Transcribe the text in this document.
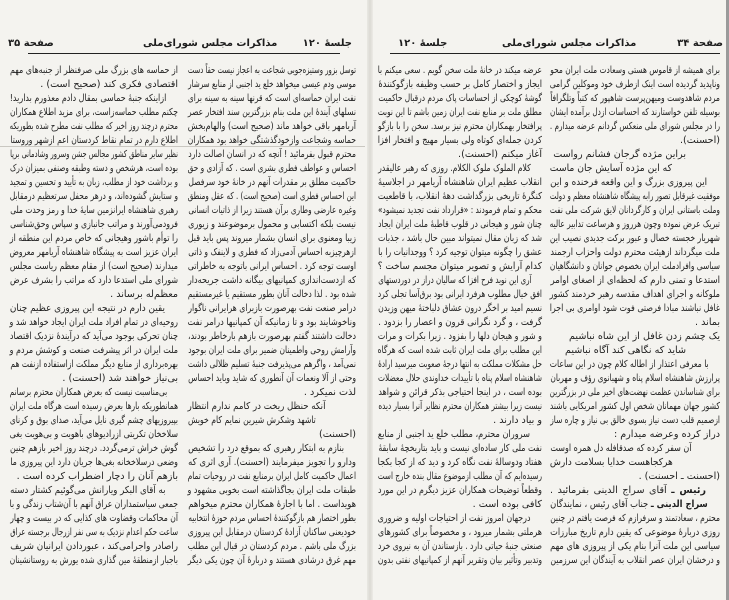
صفحة ۳۵	مذاکرات مجلس شورای‌ملی	جلسهٔ ۱۲۰
توسل بزور وستیزه‌جویی شجاعت به اعجاز نیست حقاً دست
موسی ودم عیسی میخواهد خلع ید اجنبی از منابع سرشار
نفت ایران حماسه‌ای است که قرنها سینه به سینه برای
نسلهای آیندهٔ این ملت بنام بزرگترین سند افتخار عصر
آریامهر باقی خواهد ماند (صحیح است) والهام‌بخش
حماسه وشجاعت وازخودگذشتگی خواهد بود همکاران
محترم قبول بفرمائید ! آنچه که در انسان اصالت دارد
احساس و عواطف فطری بشری است . که آزادی و حق
حاکمیت مطلق بر مقدرات آنهم در خانهٔ خود سرفصل
این احساس فطری است (صحیح است) . که عقل ومنطق
وغیره عارضی وطاری برآن هستند زیرا از ذاتیات انسانی
نیست بلکه اکتسابی و محمول برموضوعند و زیوری
زیبا ومعنوی برای انسان بشمار میروند پس باید قبل
ازهرچیزبه احساس آدمی‌زاد که فطری و لاینفک و ذاتی
اوست توجه کرد . احساس ایرانی باتوجه به خاطراتی
که ازدست‌اندازی کمپانیهای بیگانه داشت جریحه‌دار
شده بود . لذا دخالت آنان بطور مستقیم یا غیرمستقیم
درامر صنعت نفت بهرصورت بازبرای هرایرانی ناگوار
وناخوشایند بود و تا زمانیکه آن کمپانیها درامر نفت
دخالت داشتند گفتم بهرصورت بازهم بارخاطر بودند،
وآرامش روحی واطمینان ضمیر برای ملت ایران بوجود
نمی‌آمد ، واگرهم می‌پذیرفت جنبهٔ تسلیم ظلالی داشت
وحتی از آلا ونعمات آن آنطوری که شاید وباید احساس
لذت نمیکرد .
آنکه حنظل ریخت در کامم ندارم انتظار
تاشهد وشکرش شیرین نمایم کام خویش
(احسنت)
بنازم به ابتکار رهبری که بموقع درد را تشخیص
ودارو را تجویز میفرمایند (احسنت). آری اثری که
اعمال حاکمیت کامل ایران برمنابع نفت در روحیات تمام
طبقات ملت ایران بجاگذاشته است بخوبی مشهود و
هویداست . اما با اجازهٔ همکاران محترم میخواهم
بطور اختصار هم بازگوکنندهٔ احساس مردم حوزهٔ انتخابیه
خودیعنی ساکنان آزادهٔ کردستان درمقابل این پیروزی
بزرگ ملی باشم . مردم کردستان در قبال این مطلب
مهم غرق درشادی هستند و دربارهٔ آن چون یکی دیگر
از حماسه های بزرگ ملی صرفنظر از جنبه‌های مهم
اقتصادی فکری کند (صحیح است) .
ازاینکه جنبهٔ حماسی بمقال دادم معذورم بدارید!
چکنم مطلب حماسه‌زاست، برای مزید اطلاع همکاران
محترم درچند روز اخیر که مطلب نفت مطرح شده بطوریکه
اطلاع دارم در تمام نقاط کردستان اعم ازشهر وروستا
نظیر سایر مناطق کشور مجالس جشن وسرور وشادمانی برپا
بوده است، هرشخص و دسته وطبقه وصنفی بمیزان درک
و برداشت خود از مطلب، زبان به تأیید و تحسین و تمجید
و ستایش گشوده‌اند، و درهر محفل سرتعظیم درمقابل
رهبری شاهنشاه ایرانزمین سایهٔ خدا و رمز وحدت ملی
فرودمی‌آورند و مراتب جانبازی و سپاس وحق‌شناسی
را توأم باشور وهیجانی که خاص مردم این منطقه از
ایران عزیز است به پیشگاه شاهنشاه آریامهر معروض
میدارند (صحیح است) از مقام معظم ریاست مجلس
شورای ملی استدعا دارد که مراتب را بشرف عرض
معظم‌له برساند .
یقین دارم در نتیجه این پیروزی عظیم چنان
روحیه‌ای در تمام افراد ملت ایران ایجاد خواهد شد و
چنان تحرکی بوجود می‌آید که درآیندهٔ نزدیک اقتصاد
ملت ایران در اثر پیشرفت صنعت و کوشش مردم و
بهره‌برداری از منابع دیگر مملکت ازاستفاده ازنفت هم
بی‌نیاز خواهند شد (احسنت) .
بی‌مناسبت نیست که بعرض همکاران محترم برسانم
همانطوریکه بارها بعرض رسیده است هرگاه ملت ایران
بپیروزیهای چشم گیری نایل می‌آید، صدای بوق و کرنای
سلاخخان تکریتی ازرادیوهای باهویت و بی‌هویت بغی
گوش خراش ترمی‌گردد. درچند روز اخیر بازهم چنین
وضعی درسلاخخانه بغی‌ها جریان دارد این پیروزی ما
بازهم آنان را دچار اضطراب کرده است .
به آقای البکر ویارانش می‌گوئیم کشتار دسته
جمعی سیاستمداران عراق آنهم با آن‌شتاب زندگی و با
آن محاکمات وقضاوت های کذایی که در بیست و چهار
ساعت حکم اعدام نزدیک به سی نفر ازرجال برجسته عراق
راصادر واجرامی‌کند ، عبوردادن ایرانیان شریف
باجبار ازمنطقهٔ مین گذاری شده یورش به روستانشینان
جلسهٔ ۱۲۰	مذاکرات مجلس شورای‌ملی	صفحة ۳۴
برای همیشه از قاموس هستی وسعادت ملت ایران محو
وناپدید گردیده است اینک ازطرف خود وموکلین گرامی
مردم شاهدوست ومیهن‌پرست شاهپور که کتباً وتلگرافاً
بوسیله تلفن خواستارند که احساسات ازدل برآمده ایشان
را در مجلس شورای ملی منعکس گردانم عرضه میدارم .
(احسنت).
براین مژده گرجان فشانم رواست
که این مژده آسایش جان ماست
این پیروزی بزرگ و این واقعه فرخنده و این
موفقیت غیرقابل تصور رابه پیشگاه شاهنشاه معظم و دولت
وملت باستانی ایران و کارگردانان لایق شرکت ملی نفت
تبریک عرض نموده وچون هرروز و هرساعت تدابیر عالیه
شهریار خجسته خصال و عبور برکت جدیدی نصیب این
ملت میگرداند ازهیئت محترم دولت واحزاب ارجمند
سیاسی وافرادملت ایران بخصوص جوانان و دانشگاهیان
استدعا و تمنی دارم که لحظه‌ای از اصغای اوامر
ملوکانه و اجرای اهداف مقدسه رهبر خردمند کشور
غافل نباشند مبادا فرصتی فوت شود اوامری بی اجرا
بماند .
یک چشم زدن غافل از این شاه نباشیم
شاید که نگاهی کند آگاه نباشیم
با معرفی اعتذار از اطاله کلام چون در این ساعات
پرارزش شاهنشاه اسلام پناه و شهبانوی رؤف و مهربان
برای شناساندن عظمت نهضت‌های اخیر ملی در بزرگترین
کشور جهان مهمانان شخص اول کشور امریکایی باشند
ازصمیم قلب دست نیاز بسوی خالق بی نیاز و چاره ساز
دراز کرده وعرضه میدارم :
آن سفر کرده که صدقافله دل همره اوست
هرکجاهست خدایا بسلامت دارش
(احسنت ـ احسنت) .
رئیس ـ آقای سراج الدینی بفرمائید .
سراج الدینی ـ جناب آقای رئیس ، نمایندگان
محترم ، سعادتمند و سرفرازم که فرصت یافتم در چنین
روزی دربارهٔ موضوعی که یقین دارم تاریخ مبارزات
سیاسی این ملت آنرا بنام یکی از پیروزی های مهم
و درخشان ایران عصر انقلاب به آیندگان این سرزمین
عرضه میکند در خانهٔ ملت سخن گویم . سعی میکنم با
ایجاز و اختصار کامل بر حسب وظیفه بازگوکنندهٔ
گوشهٔ کوچکی از احساسات پاک مردم درقبال حاکمیت
مطلق ملت بر منابع نفت ایران زمین باشم تا این نوبت
پرافتخار بهمکاران محترم نیز برسد. سخن را با بازگو
کردن جمله‌ای کوتاه ولی بسیار مهیج و افتخار افزا
آغاز میکنم (احسنت).
کلام الملوک ملوک الکلام. روزی که رهبر عالیقدر
انقلاب عظیم ایران شاهنشاه آریامهر در اجلاسیهٔ
کنگرهٔ تاریخی بزرگداشت دههٔ انقلاب، با قاطعیت
محکم و تمام فرمودند : «قرارداد نفت تجدید نمیشود»
چنان شور و هیجانی در قلوب قاطبهٔ ملت ایران ایجاد
شد که زبان مقال نمیتواند مبین حال باشد ، جذبات
عشق را چگونه میتوان توجیه کرد ؟ ووجدانیات را با
کدام آرایش و تصویر میتوان مجسم ساخت ؟
آری این نوید فرح افزا که سالیان دراز در دوردستهای
افق خیال مطلوب هرفرد ایرانی بود برق‌آسا تجلی کرد
نسیم امید بر اخگر درون عشاق دلباختهٔ میهن وزیدن
گرفت ، و گرد نگرانی قرون و اعصار را بزدود .
و شور و هیجان دلها را بفزود . زیرا بکرات و مرات
این مطلب برای ملت ایران ثابت شده است که هرگاه
حل مشکلات مملکت به انتها درجهٔ صعوبت میرسید ارادهٔ
شاهنشاه اسلام پناه با تأییدات خداوندی حلال معضلات
بوده است ، در اینجا احتیاجی بذکر قرائن و شواهد
نیست زیرا بیشتر همکاران محترم نظایر آنرا بسیار دیده
و بیاد دارند .
سروران محترم، مطلب خلع ید اجنبی از منابع
نفت ملی کار ساده‌ای نیست و باید بتاریخچهٔ سابقهٔ
هفتاد ودوسالهٔ نفت نگاه کرد و دید که از کجا بکجا
رسیده‌ایم که آن مطلب ازموضوع مقال بنده خارج است
وقطعاً توضیحات همکاران عزیز دیگرم در این مورد
کافی بوده است .
درجهان امروز نفت از احتیاجات اولیه و ضروری
هرملتی بشمار میرود ، و مخصوصاً برای کشورهای
صنعتی جنبهٔ حیاتی دارد . بازستاندن آن به نیروی خرد
وتدبیر وتأثیر بیان وتقریر آنهم از کمپانیهای نفتی بدون
